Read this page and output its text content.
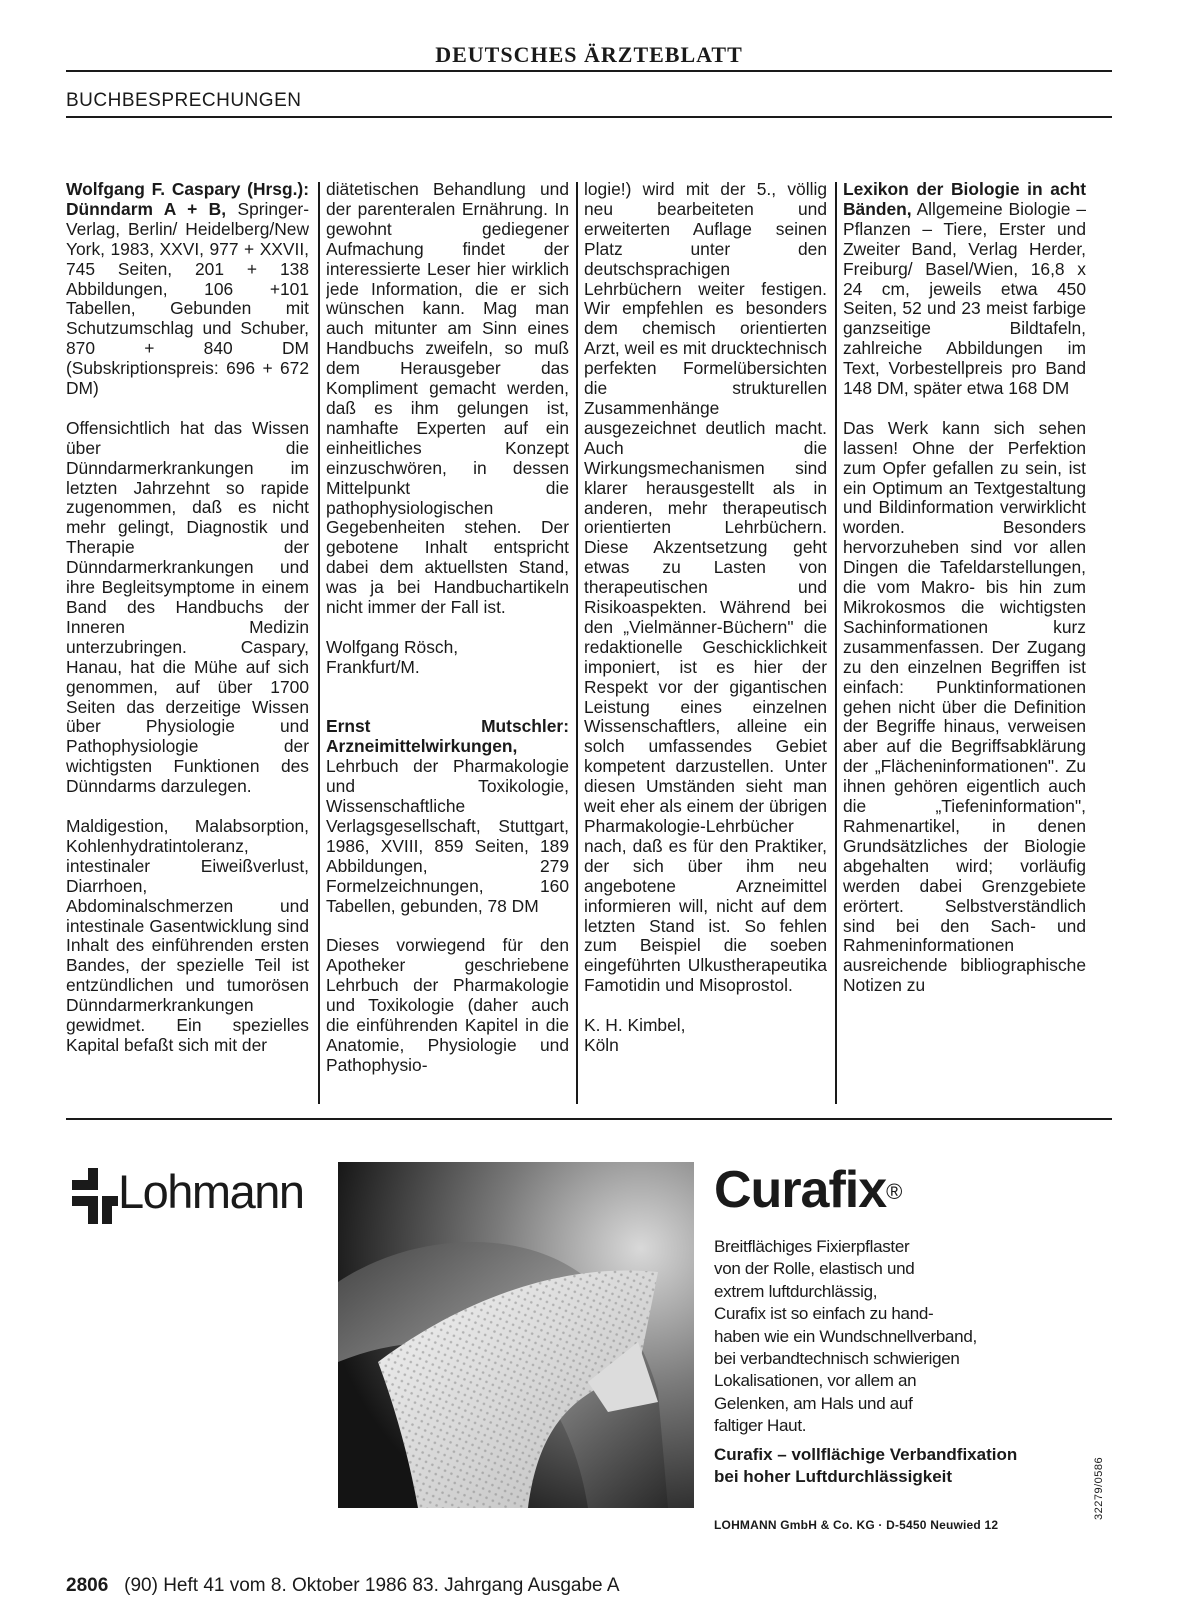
DEUTSCHES ÄRZTEBLATT
BUCHBESPRECHUNGEN

Wolfgang F. Caspary (Hrsg.): Dünndarm A + B, Springer-Verlag, Berlin/ Heidelberg/New York, 1983, XXVI, 977 + XXVII, 745 Seiten, 201 + 138 Abbildungen, 106 +101 Tabellen, Gebunden mit Schutzumschlag und Schuber, 870 + 840 DM (Subskriptionspreis: 696 + 672 DM)

Offensichtlich hat das Wissen über die Dünndarmerkrankungen im letzten Jahrzehnt so rapide zugenommen, daß es nicht mehr gelingt, Diagnostik und Therapie der Dünndarmerkrankungen und ihre Begleitsymptome in einem Band des Handbuchs der Inneren Medizin unterzubringen. Caspary, Hanau, hat die Mühe auf sich genommen, auf über 1700 Seiten das derzeitige Wissen über Physiologie und Pathophysiologie der wichtigsten Funktionen des Dünndarms darzulegen.

Maldigestion, Malabsorption, Kohlenhydratintoleranz, intestinaler Eiweißverlust, Diarrhoen, Abdominalschmerzen und intestinale Gasentwicklung sind Inhalt des einführenden ersten Bandes, der spezielle Teil ist entzündlichen und tumorösen Dünndarmerkrankungen gewidmet. Ein spezielles Kapital befaßt sich mit der

diätetischen Behandlung und der parenteralen Ernährung. In gewohnt gediegener Aufmachung findet der interessierte Leser hier wirklich jede Information, die er sich wünschen kann. Mag man auch mitunter am Sinn eines Handbuchs zweifeln, so muß dem Herausgeber das Kompliment gemacht werden, daß es ihm gelungen ist, namhafte Experten auf ein einheitliches Konzept einzuschwören, in dessen Mittelpunkt die pathophysiologischen Gegebenheiten stehen. Der gebotene Inhalt entspricht dabei dem aktuellsten Stand, was ja bei Handbuchartikeln nicht immer der Fall ist.

Wolfgang Rösch,
Frankfurt/M.

Ernst Mutschler: Arzneimittelwirkungen, Lehrbuch der Pharmakologie und Toxikologie, Wissenschaftliche Verlagsgesellschaft, Stuttgart, 1986, XVIII, 859 Seiten, 189 Abbildungen, 279 Formelzeichnungen, 160 Tabellen, gebunden, 78 DM

Dieses vorwiegend für den Apotheker geschriebene Lehrbuch der Pharmakologie und Toxikologie (daher auch die einführenden Kapitel in die Anatomie, Physiologie und Pathophysio-

logie!) wird mit der 5., völlig neu bearbeiteten und erweiterten Auflage seinen Platz unter den deutschsprachigen Lehrbüchern weiter festigen. Wir empfehlen es besonders dem chemisch orientierten Arzt, weil es mit drucktechnisch perfekten Formelübersichten die strukturellen Zusammenhänge ausgezeichnet deutlich macht. Auch die Wirkungsmechanismen sind klarer herausgestellt als in anderen, mehr therapeutisch orientierten Lehrbüchern. Diese Akzentsetzung geht etwas zu Lasten von therapeutischen und Risikoaspekten. Während bei den „Vielmänner-Büchern" die redaktionelle Geschicklichkeit imponiert, ist es hier der Respekt vor der gigantischen Leistung eines einzelnen Wissenschaftlers, alleine ein solch umfassendes Gebiet kompetent darzustellen. Unter diesen Umständen sieht man weit eher als einem der übrigen Pharmakologie-Lehrbücher nach, daß es für den Praktiker, der sich über ihm neu angebotene Arzneimittel informieren will, nicht auf dem letzten Stand ist. So fehlen zum Beispiel die soeben eingeführten Ulkustherapeutika Famotidin und Misoprostol.

K. H. Kimbel,
Köln

Lexikon der Biologie in acht Bänden, Allgemeine Biologie – Pflanzen – Tiere, Erster und Zweiter Band, Verlag Herder, Freiburg/ Basel/Wien, 16,8 x 24 cm, jeweils etwa 450 Seiten, 52 und 23 meist farbige ganzseitige Bildtafeln, zahlreiche Abbildungen im Text, Vorbestellpreis pro Band 148 DM, später etwa 168 DM

Das Werk kann sich sehen lassen! Ohne der Perfektion zum Opfer gefallen zu sein, ist ein Optimum an Textgestaltung und Bildinformation verwirklicht worden. Besonders hervorzuheben sind vor allen Dingen die Tafeldarstellungen, die vom Makro- bis hin zum Mikrokosmos die wichtigsten Sachinformationen kurz zusammenfassen. Der Zugang zu den einzelnen Begriffen ist einfach: Punktinformationen gehen nicht über die Definition der Begriffe hinaus, verweisen aber auf die Begriffsabklärung der „Flächeninformationen". Zu ihnen gehören eigentlich auch die „Tiefeninformation", Rahmenartikel, in denen Grundsätzliches der Biologie abgehalten wird; vorläufig werden dabei Grenzgebiete erörtert. Selbstverständlich sind bei den Sach- und Rahmeninformationen ausreichende bibliographische Notizen zu

Lohmann	Curafix®
Breitflächiges Fixierpflaster
von der Rolle, elastisch und
extrem luftdurchlässig,
Curafix ist so einfach zu hand-
haben wie ein Wundschnellverband,
bei verbandtechnisch schwierigen
Lokalisationen, vor allem an
Gelenken, am Hals und auf
faltiger Haut.
Curafix – vollflächige Verbandfixation
bei hoher Luftdurchlässigkeit
LOHMANN GmbH & Co. KG · D-5450 Neuwied 12
32279/0586
2806 (90) Heft 41 vom 8. Oktober 1986 83. Jahrgang Ausgabe A
